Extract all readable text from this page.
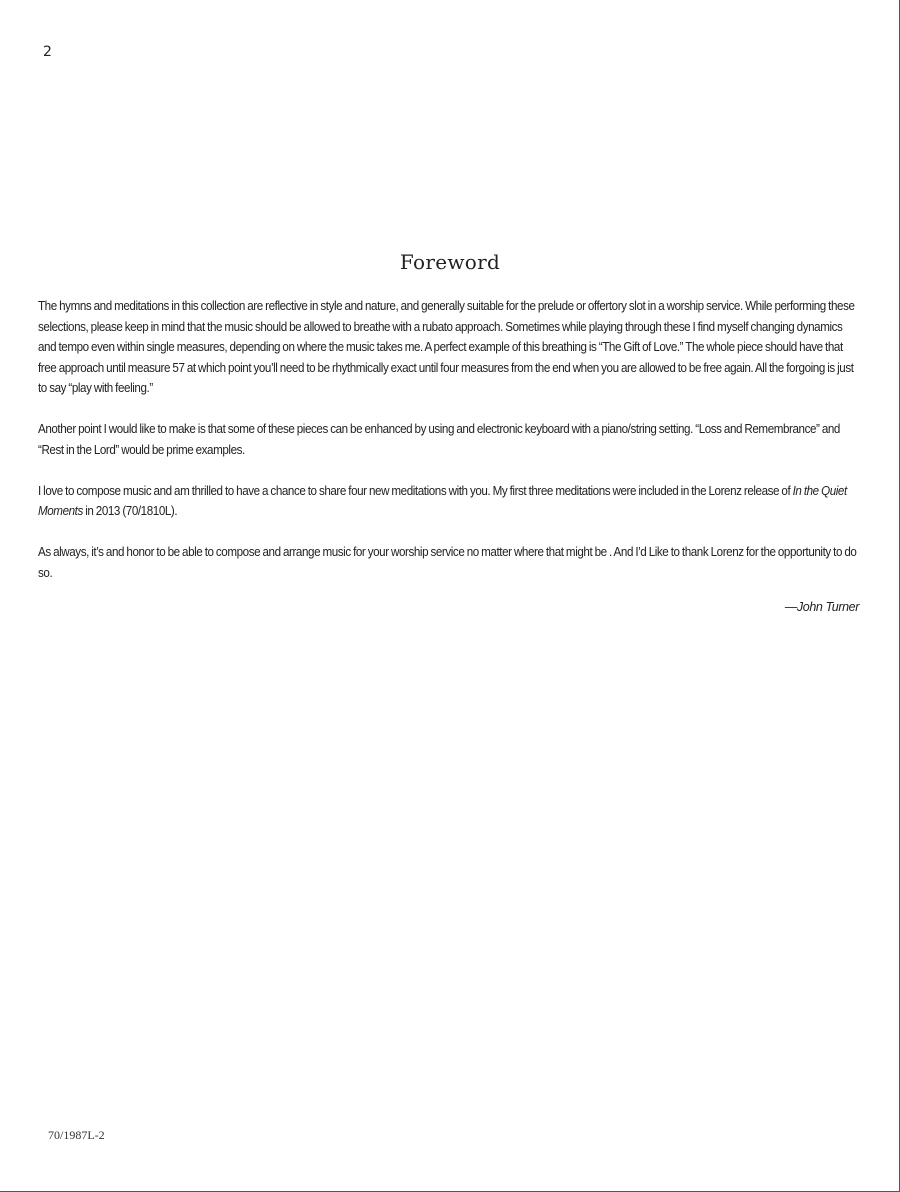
2
Foreword

The hymns and meditations in this collection are reflective in style and nature, and generally suitable for the prelude or offertory slot in a worship service. While performing these selections, please keep in mind that the music should be allowed to breathe with a rubato approach. Sometimes while playing through these I find myself changing dynamics and tempo even within single measures, depending on where the music takes me. A perfect example of this breathing is “The Gift of Love.” The whole piece should have that free approach until measure 57 at which point you’ll need to be rhythmically exact until four measures from the end when you are allowed to be free again. All the forgoing is just to say “play with feeling.”

Another point I would like to make is that some of these pieces can be enhanced by using and electronic keyboard with a piano/string setting. “Loss and Remembrance” and “Rest in the Lord” would be prime examples.

I love to compose music and am thrilled to have a chance to share four new meditations with you. My first three meditations were included in the Lorenz release of In the Quiet Moments in 2013 (70/1810L).

As always, it’s and honor to be able to compose and arrange music for your worship service no matter where that might be . And I’d Like to thank Lorenz for the opportunity to do so.

—John Turner
70/1987L-2
